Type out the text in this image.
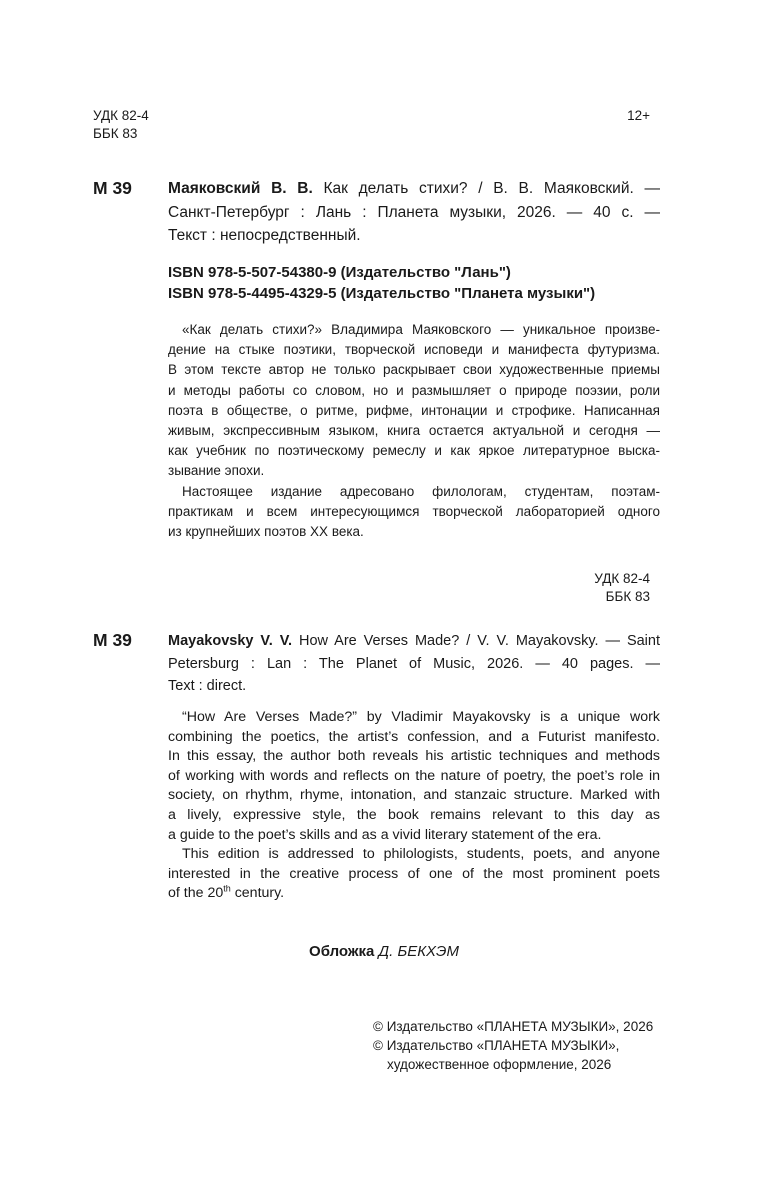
УДК 82-4
ББК 83
12+
М 39 Маяковский В. В. Как делать стихи? / В. В. Маяковский. —
Санкт-Петербург : Лань : Планета музыки, 2026. — 40 с. —
Текст : непосредственный.
ISBN 978-5-507-54380-9 (Издательство "Лань")
ISBN 978-5-4495-4329-5 (Издательство "Планета музыки")
«Как делать стихи?» Владимира Маяковского — уникальное произве-
дение на стыке поэтики, творческой исповеди и манифеста футуризма.
В этом тексте автор не только раскрывает свои художественные приемы
и методы работы со словом, но и размышляет о природе поэзии, роли
поэта в обществе, о ритме, рифме, интонации и строфике. Написанная
живым, экспрессивным языком, книга остается актуальной и сегодня —
как учебник по поэтическому ремеслу и как яркое литературное выска-
зывание эпохи.
Настоящее издание адресовано филологам, студентам, поэтам-
практикам и всем интересующимся творческой лабораторией одного
из крупнейших поэтов XX века.
УДК 82-4
ББК 83
М 39 Mayakovsky V. V. How Are Verses Made? / V. V. Mayakovsky. — Saint
Petersburg : Lan : The Planet of Music, 2026. — 40 pages. —
Text : direct.
“How Are Verses Made?” by Vladimir Mayakovsky is a unique work
combining the poetics, the artist’s confession, and a Futurist manifesto.
In this essay, the author both reveals his artistic techniques and methods
of working with words and reflects on the nature of poetry, the poet’s role in
society, on rhythm, rhyme, intonation, and stanzaic structure. Marked with
a lively, expressive style, the book remains relevant to this day as
a guide to the poet’s skills and as a vivid literary statement of the era.
This edition is addressed to philologists, students, poets, and anyone
interested in the creative process of one of the most prominent poets
of the 20th century.
Обложка Д. БЕКХЭМ
© Издательство «ПЛАНЕТА МУЗЫКИ», 2026
© Издательство «ПЛАНЕТА МУЗЫКИ»,
художественное оформление, 2026
